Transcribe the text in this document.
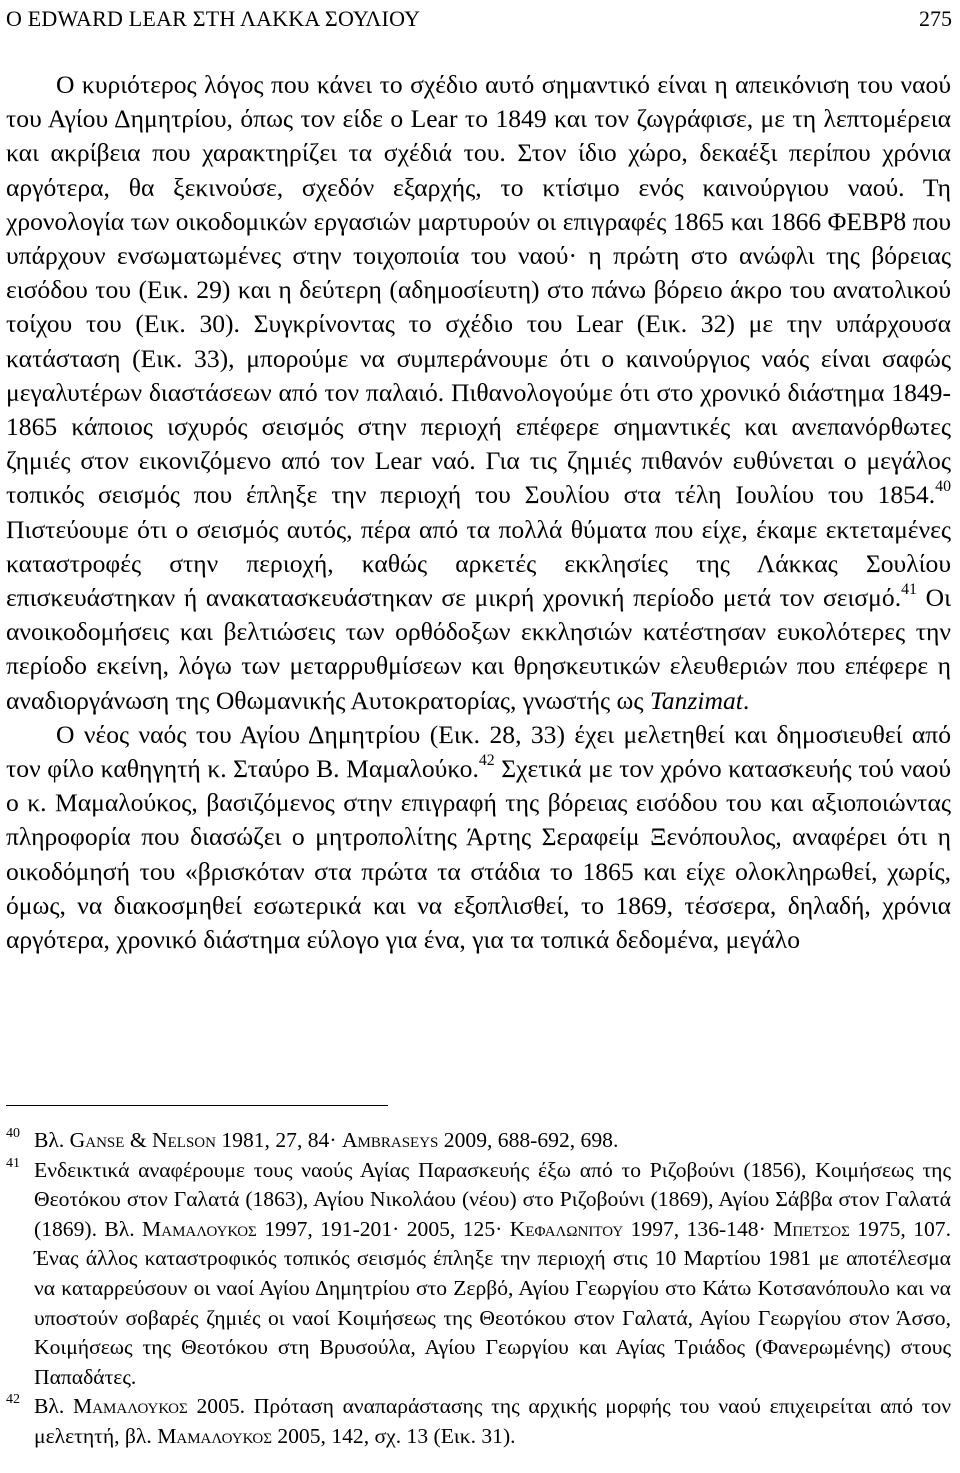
O EDWARD LEAR ΣΤΗ ΛΑΚΚΑ ΣΟΥΛΙΟΥ	275

Ο κυριότερος λόγος που κάνει το σχέδιο αυτό σημαντικό είναι η απεικόνιση του ναού του Αγίου Δημητρίου, όπως τον είδε ο Lear το 1849 και τον ζωγράφισε, με τη λεπτομέρεια και ακρίβεια που χαρακτηρίζει τα σχέδιά του. Στον ίδιο χώρο, δεκαέξι περίπου χρόνια αργότερα, θα ξεκινούσε, σχεδόν εξαρχής, το κτίσιμο ενός καινούργιου ναού. Τη χρονολογία των οικοδομικών εργασιών μαρτυρούν οι επιγραφές 1865 και 1866 ΦΕΒΡȣ που υπάρχουν ενσωματωμένες στην τοιχοποιία του ναού· η πρώτη στο ανώφλι της βόρειας εισόδου του (Εικ. 29) και η δεύτερη (αδημοσίευτη) στο πάνω βόρειο άκρο του ανατολικού τοίχου του (Εικ. 30). Συγκρίνοντας το σχέδιο του Lear (Εικ. 32) με την υπάρχουσα κατάσταση (Εικ. 33), μπορούμε να συμπεράνουμε ότι ο καινούργιος ναός είναι σαφώς μεγαλυτέρων διαστάσεων από τον παλαιό. Πιθανολογούμε ότι στο χρονικό διάστημα 1849-1865 κάποιος ισχυρός σεισμός στην περιοχή επέφερε σημαντικές και ανεπανόρθωτες ζημιές στον εικονιζόμενο από τον Lear ναό. Για τις ζημιές πιθανόν ευθύνεται ο μεγάλος τοπικός σεισμός που έπληξε την περιοχή του Σουλίου στα τέλη Ιουλίου του 1854.40 Πιστεύουμε ότι ο σεισμός αυτός, πέρα από τα πολλά θύματα που είχε, έκαμε εκτεταμένες καταστροφές στην περιοχή, καθώς αρκετές εκκλησίες της Λάκκας Σουλίου επισκευάστηκαν ή ανακατασκευάστηκαν σε μικρή χρονική περίοδο μετά τον σεισμό.$^{41}$ Οι ανοικοδομήσεις και βελτιώσεις των ορθόδοξων εκκλησιών κατέστησαν ευκολότερες την περίοδο εκείνη, λόγω των μεταρρυθμίσεων και θρησκευτικών ελευθεριών που επέφερε η αναδιοργάνωση της Οθωμανικής Αυτοκρατορίας, γνωστής ως Tanzimat.

Ο νέος ναός του Αγίου Δημητρίου (Εικ. 28, 33) έχει μελετηθεί και δημοσιευθεί από τον φίλο καθηγητή κ. Σταύρο Β. Μαμαλούκο.$^{42}$ Σχετικά με τον χρόνο κατασκευής τού ναού ο κ. Μαμαλούκος, βασιζόμενος στην επιγραφή της βόρειας εισόδου του και αξιοποιώντας πληροφορία που διασώζει ο μητροπολίτης Άρτης Σεραφείμ Ξενόπουλος, αναφέρει ότι η οικοδόμησή του «βρισκόταν στα πρώτα τα στάδια το 1865 και είχε ολοκληρωθεί, χωρίς, όμως, να διακοσμηθεί εσωτερικά και να εξοπλισθεί, το 1869, τέσσερα, δηλαδή, χρόνια αργότερα, χρονικό διάστημα εύλογο για ένα, για τα τοπικά δεδομένα, μεγάλο

40 Βλ. Ganse & Nelson 1981, 27, 84· Ambraseys 2009, 688-692, 698.
41 Ενδεικτικά αναφέρουμε τους ναούς Αγίας Παρασκευής έξω από το Ριζοβούνι (1856), Κοιμήσεως της Θεοτόκου στον Γαλατά (1863), Αγίου Νικολάου (νέου) στο Ριζοβούνι (1869), Αγίου Σάββα στον Γαλατά (1869). Βλ. Μαμαλουκος 1997, 191-201· 2005, 125· Κεφαλωνιτου 1997, 136-148· Μπετσος 1975, 107. Ένας άλλος καταστροφικός τοπικός σεισμός έπληξε την περιοχή στις 10 Μαρτίου 1981 με αποτέλεσμα να καταρρεύσουν οι ναοί Αγίου Δημητρίου στο Ζερβό, Αγίου Γεωργίου στο Κάτω Κοτσανόπουλο και να υποστούν σοβαρές ζημιές οι ναοί Κοιμήσεως της Θεοτόκου στον Γαλατά, Αγίου Γεωργίου στον Άσσο, Κοιμήσεως της Θεοτόκου στη Βρυσούλα, Αγίου Γεωργίου και Αγίας Τριάδος (Φανερωμένης) στους Παπαδάτες.
42 Βλ. Μαμαλουκος 2005. Πρόταση αναπαράστασης της αρχικής μορφής του ναού επιχειρείται από τον μελετητή, βλ. Μαμαλουκος 2005, 142, σχ. 13 (Εικ. 31).
